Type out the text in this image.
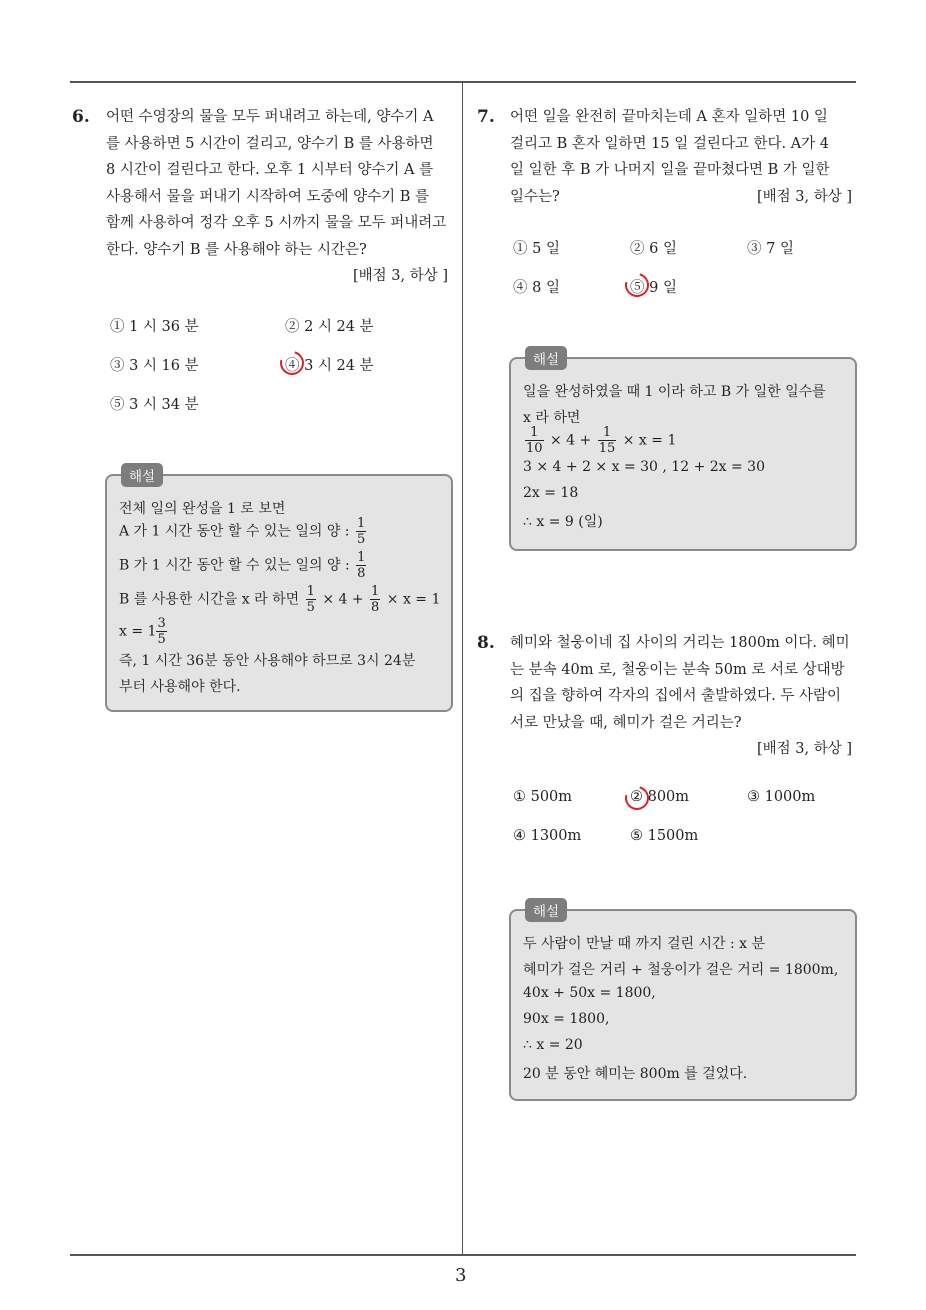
3
6. 어떤 수영장의 물을 모두 퍼내려고 하는데, 양수기 A
를 사용하면 5 시간이 걸리고, 양수기 B 를 사용하면
8 시간이 걸린다고 한다. 오후 1 시부터 양수기 A 를
사용해서 물을 퍼내기 시작하여 도중에 양수기 B 를
함께 사용하여 정각 오후 5 시까지 물을 모두 퍼내려고
한다. 양수기 B 를 사용해야 하는 시간은?
[배점 3, 하상 ]
① 1 시 36 분	② 2 시 24 분
③ 3 시 16 분	④ 3 시 24 분
⑤ 3 시 34 분
해설
전체 일의 완성을 1 로 보면
A 가 1 시간 동안 할 수 있는 일의 양 : $\frac{1}{5}$
B 가 1 시간 동안 할 수 있는 일의 양 : $\frac{1}{8}$
B 를 사용한 시간을 x 라 하면 $\frac{1}{5} \times 4 + \frac{1}{8} \times x = 1$
$x = 1 \frac{3}{5}$
즉, 1 시간 36분 동안 사용해야 하므로 3시 24분
부터 사용해야 한다.
7. 어떤 일을 완전히 끝마치는데 A 혼자 일하면 10 일
걸리고 B 혼자 일하면 15 일 걸린다고 한다. A가 4
일 일한 후 B 가 나머지 일을 끝마쳤다면 B 가 일한
일수는?	[배점 3, 하상 ]
① 5 일	② 6 일	③ 7 일
④ 8 일	⑤ 9 일
해설
일을 완성하였을 때 1 이라 하고 B 가 일한 일수를
x 라 하면
$\frac{1}{10} \times 4 + \frac{1}{15} \times x = 1$
3 × 4 + 2 × x = 30 , 12 + 2x = 30
2x = 18
∴ x = 9 (일)
8. 혜미와 철웅이네 집 사이의 거리는 1800m 이다. 혜미
는 분속 40m 로, 철웅이는 분속 50m 로 서로 상대방
의 집을 향하여 각자의 집에서 출발하였다. 두 사람이
서로 만났을 때, 혜미가 걸은 거리는?
[배점 3, 하상 ]
① 500m	② 800m	③ 1000m
④ 1300m	⑤ 1500m
해설
두 사람이 만날 때 까지 걸린 시간 : x 분
혜미가 걸은 거리 + 철웅이가 걸은 거리 = 1800m,
40x + 50x = 1800,
90x = 1800,
∴ x = 20
20 분 동안 혜미는 800m 를 걸었다.
